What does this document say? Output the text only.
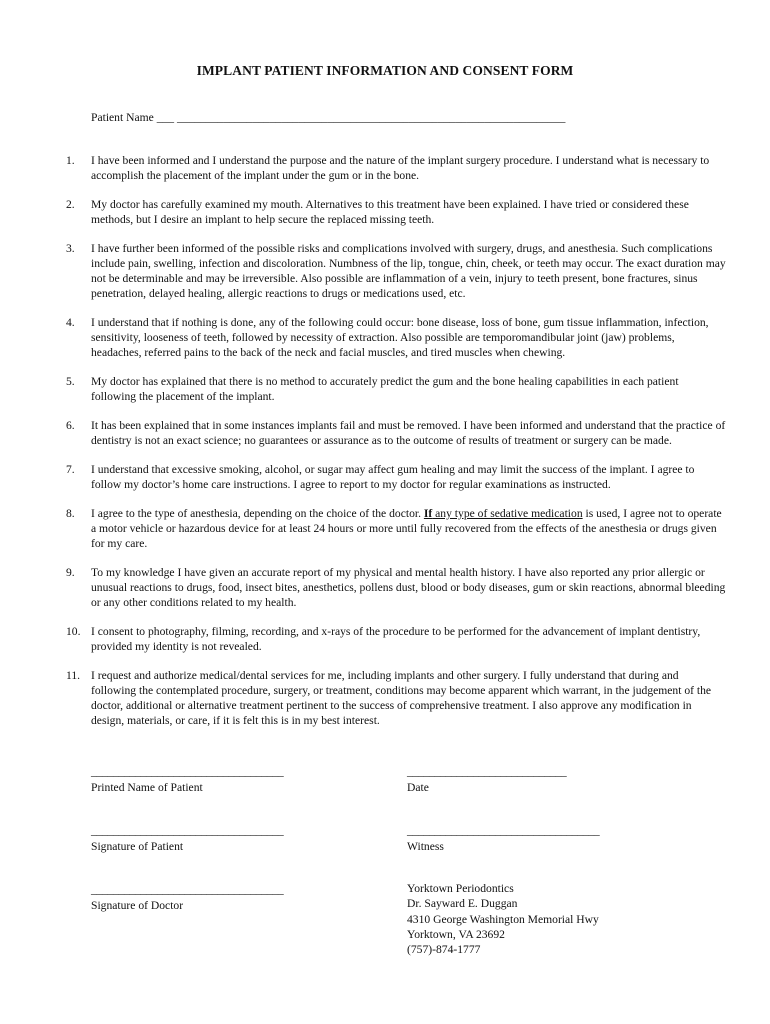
IMPLANT PATIENT INFORMATION AND CONSENT FORM
Patient Name ___ ___________________________________________________________________
1.	I have been informed and I understand the purpose and the nature of the implant surgery procedure. I understand what is necessary to accomplish the placement of the implant under the gum or in the bone.
2.	My doctor has carefully examined my mouth. Alternatives to this treatment have been explained. I have tried or considered these methods, but I desire an implant to help secure the replaced missing teeth.
3.	I have further been informed of the possible risks and complications involved with surgery, drugs, and anesthesia. Such complications include pain, swelling, infection and discoloration. Numbness of the lip, tongue, chin, cheek, or teeth may occur. The exact duration may not be determinable and may be irreversible. Also possible are inflammation of a vein, injury to teeth present, bone fractures, sinus penetration, delayed healing, allergic reactions to drugs or medications used, etc.
4.	I understand that if nothing is done, any of the following could occur: bone disease, loss of bone, gum tissue inflammation, infection, sensitivity, looseness of teeth, followed by necessity of extraction. Also possible are temporomandibular joint (jaw) problems, headaches, referred pains to the back of the neck and facial muscles, and tired muscles when chewing.
5.	My doctor has explained that there is no method to accurately predict the gum and the bone healing capabilities in each patient following the placement of the implant.
6.	It has been explained that in some instances implants fail and must be removed. I have been informed and understand that the practice of dentistry is not an exact science; no guarantees or assurance as to the outcome of results of treatment or surgery can be made.
7.	I understand that excessive smoking, alcohol, or sugar may affect gum healing and may limit the success of the implant. I agree to follow my doctor’s home care instructions. I agree to report to my doctor for regular examinations as instructed.
8.	I agree to the type of anesthesia, depending on the choice of the doctor. If any type of sedative medication is used, I agree not to operate a motor vehicle or hazardous device for at least 24 hours or more until fully recovered from the effects of the anesthesia or drugs given for my care.
9.	To my knowledge I have given an accurate report of my physical and mental health history. I have also reported any prior allergic or unusual reactions to drugs, food, insect bites, anesthetics, pollens dust, blood or body diseases, gum or skin reactions, abnormal bleeding or any other conditions related to my health.
10. I consent to photography, filming, recording, and x-rays of the procedure to be performed for the advancement of implant dentistry, provided my identity is not revealed.
11. I request and authorize medical/dental services for me, including implants and other surgery. I fully understand that during and following the contemplated procedure, surgery, or treatment, conditions may become apparent which warrant, in the judgement of the doctor, additional or alternative treatment pertinent to the success of comprehensive treatment. I also approve any modification in design, materials, or care, if it is felt this is in my best interest.
___________________________________
Printed Name of Patient
_____________________________
Date
___________________________________
Signature of Patient
___________________________________
Witness
___________________________________
Signature of Doctor
Yorktown Periodontics
Dr. Sayward E. Duggan
4310 George Washington Memorial Hwy
Yorktown, VA 23692
(757)-874-1777
